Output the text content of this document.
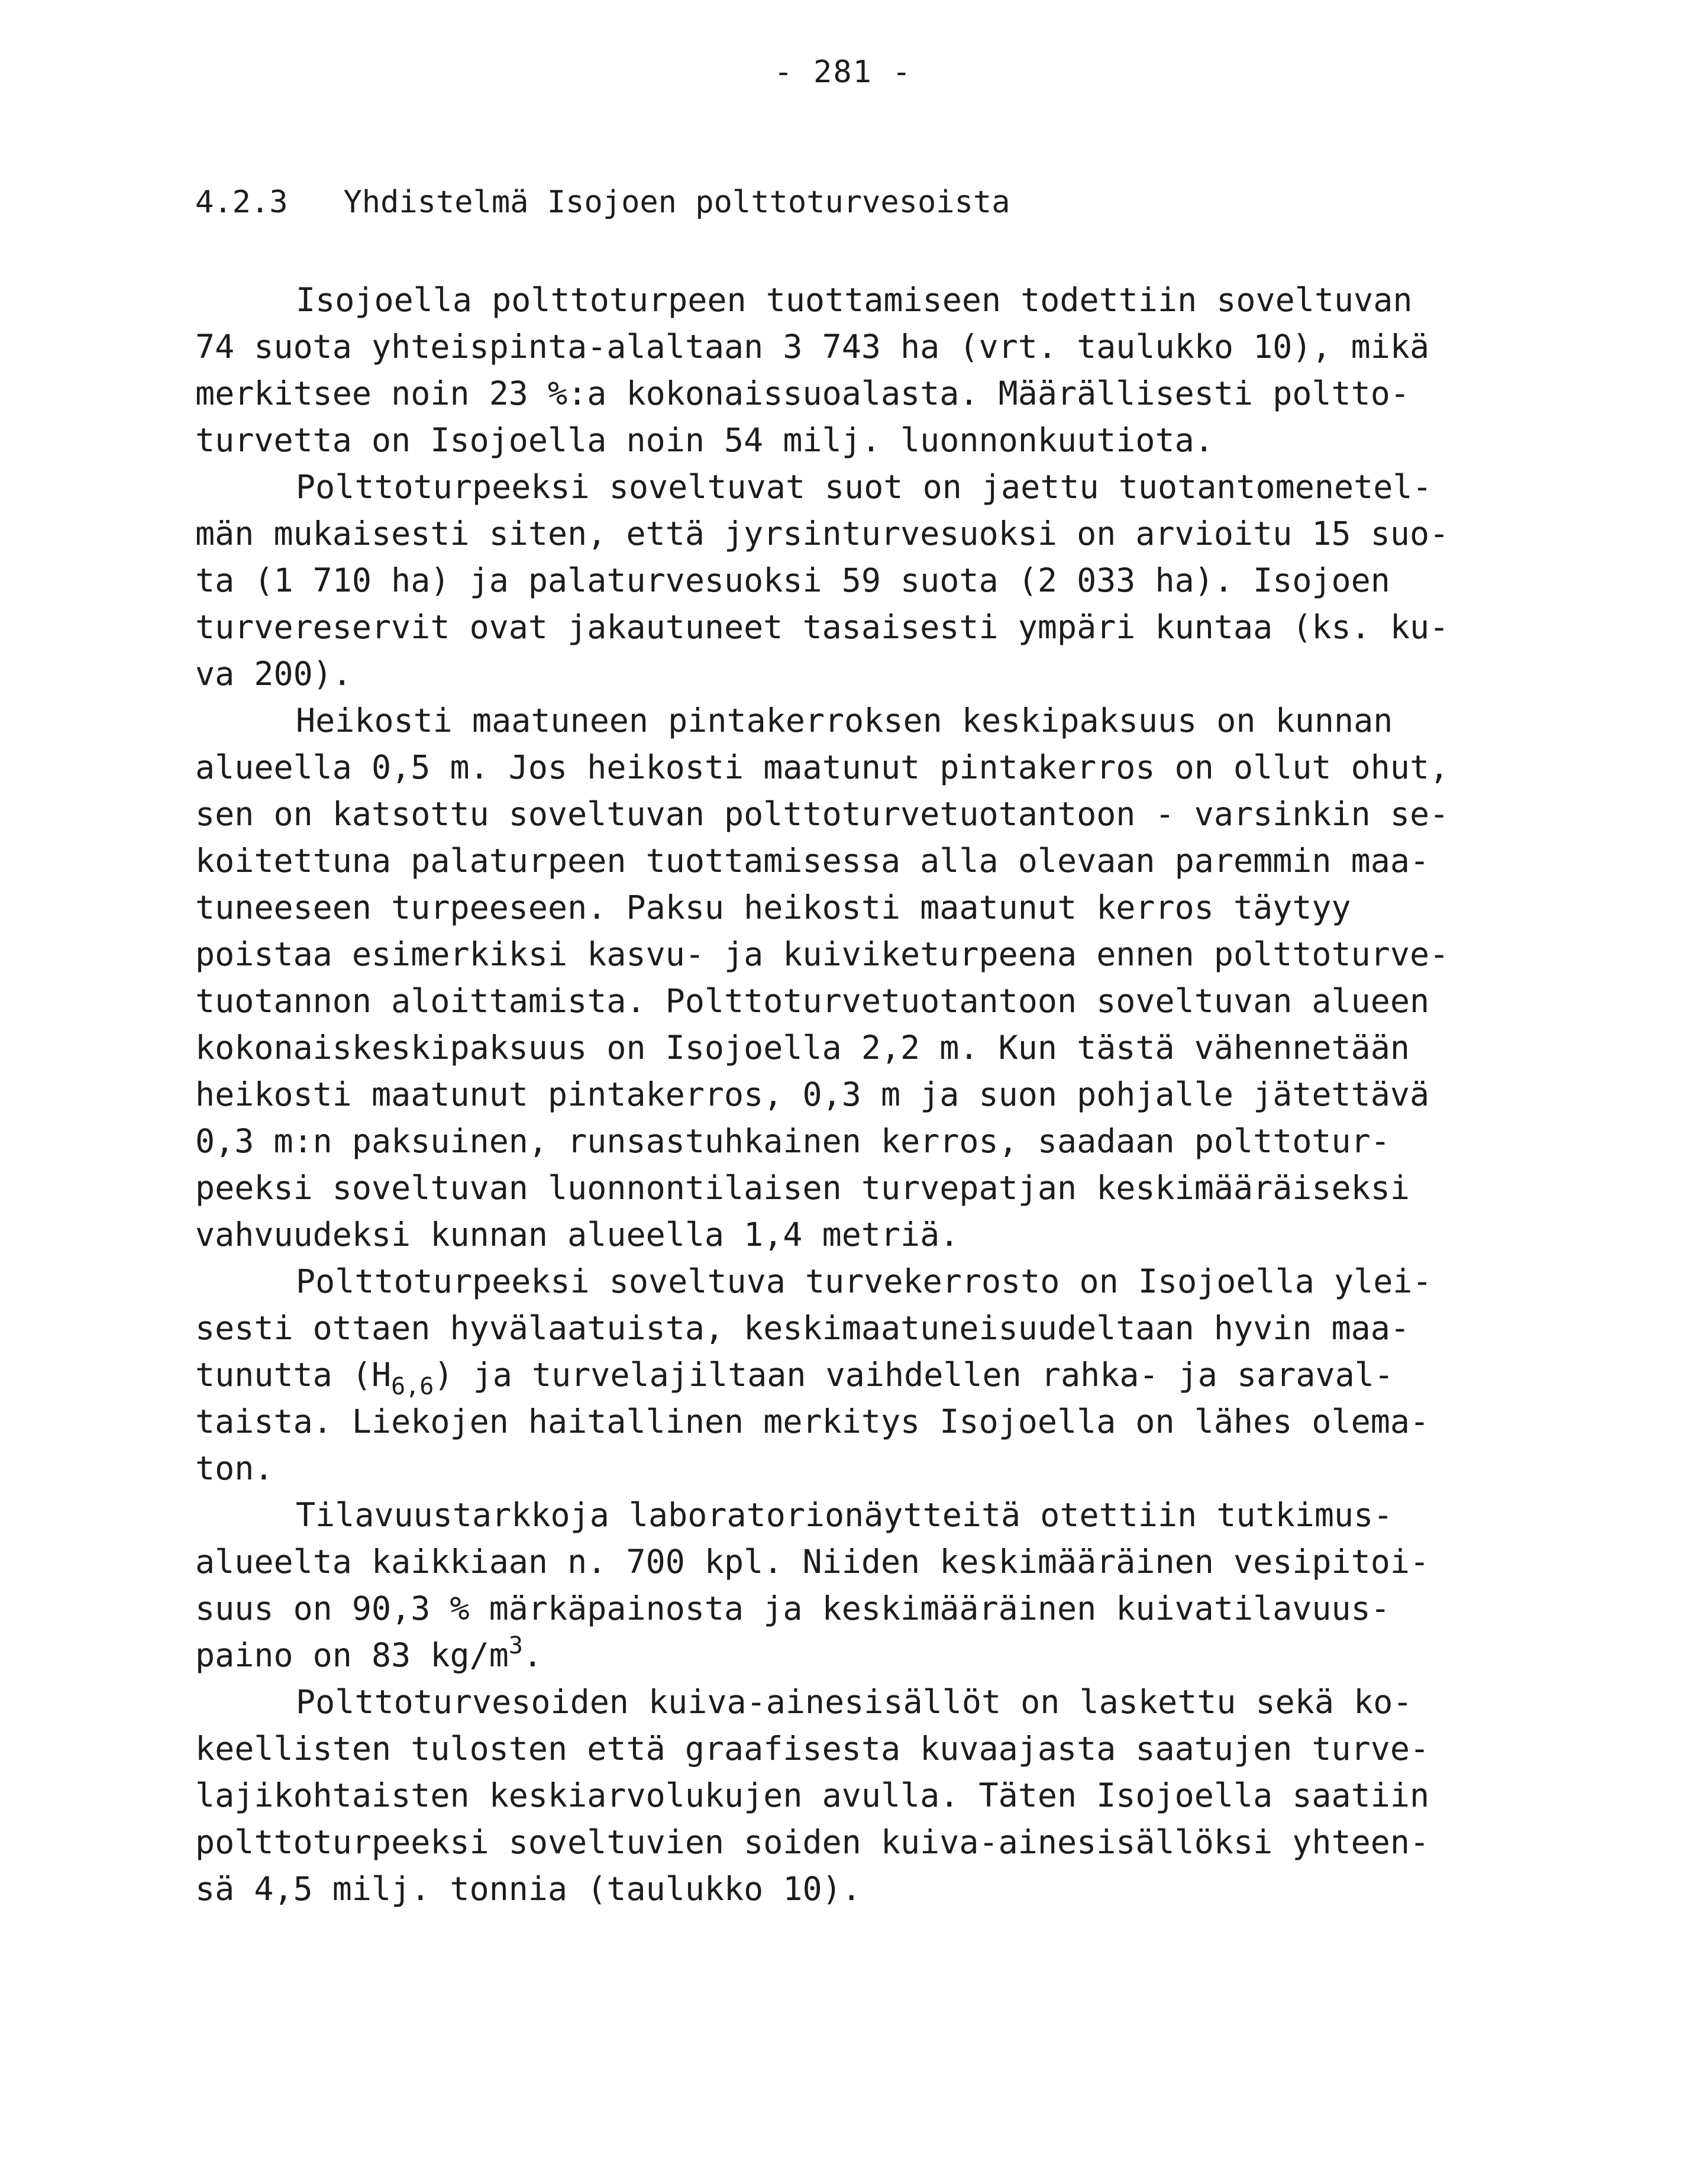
- 281 -
4.2.3 Yhdistelmä Isojoen polttoturvesoista
Isojoella polttoturpeen tuottamiseen todettiin soveltuvan
74 suota yhteispinta-alaltaan 3 743 ha (vrt. taulukko 10), mikä
merkitsee noin 23 %:a kokonaissuoalasta. Määrällisesti poltto-
turvetta on Isojoella noin 54 milj. luonnonkuutiota.
Polttoturpeeksi soveltuvat suot on jaettu tuotantomenetel-
män mukaisesti siten, että jyrsinturvesuoksi on arvioitu 15 suo-
ta (1 710 ha) ja palaturvesuoksi 59 suota (2 033 ha). Isojoen
turvereservit ovat jakautuneet tasaisesti ympäri kuntaa (ks. ku-
va 200).
Heikosti maatuneen pintakerroksen keskipaksuus on kunnan
alueella 0,5 m. Jos heikosti maatunut pintakerros on ollut ohut,
sen on katsottu soveltuvan polttoturvetuotantoon - varsinkin se-
koitettuna palaturpeen tuottamisessa alla olevaan paremmin maa-
tuneeseen turpeeseen. Paksu heikosti maatunut kerros täytyy
poistaa esimerkiksi kasvu- ja kuiviketurpeena ennen polttoturve-
tuotannon aloittamista. Polttoturvetuotantoon soveltuvan alueen
kokonaiskeskipaksuus on Isojoella 2,2 m. Kun tästä vähennetään
heikosti maatunut pintakerros, 0,3 m ja suon pohjalle jätettävä
0,3 m:n paksuinen, runsastuhkainen kerros, saadaan polttotur-
peeksi soveltuvan luonnontilaisen turvepatjan keskimääräiseksi
vahvuudeksi kunnan alueella 1,4 metriä.
Polttoturpeeksi soveltuva turvekerrosto on Isojoella ylei-
sesti ottaen hyvälaatuista, keskimaatuneisuudeltaan hyvin maa-
tunutta $(H_{6,6})$ ja turvelajiltaan vaihdellen rahka- ja saraval-
taista. Liekojen haitallinen merkitys Isojoella on lähes olema-
ton.
Tilavuustarkkoja laboratorionäytteitä otettiin tutkimus-
alueelta kaikkiaan n. 700 kpl. Niiden keskimääräinen vesipitoi-
suus on 90,3 % märkäpainosta ja keskimääräinen kuivatilavuus-
paino on 83 $kg/m^3$.
Polttoturvesoiden kuiva-ainesisällöt on laskettu sekä ko-
keellisten tulosten että graafisesta kuvaajasta saatujen turve-
lajikohtaisten keskiarvolukujen avulla. Täten Isojoella saatiin
polttoturpeeksi soveltuvien soiden kuiva-ainesisällöksi yhteen-
sä 4,5 milj. tonnia (taulukko 10).
